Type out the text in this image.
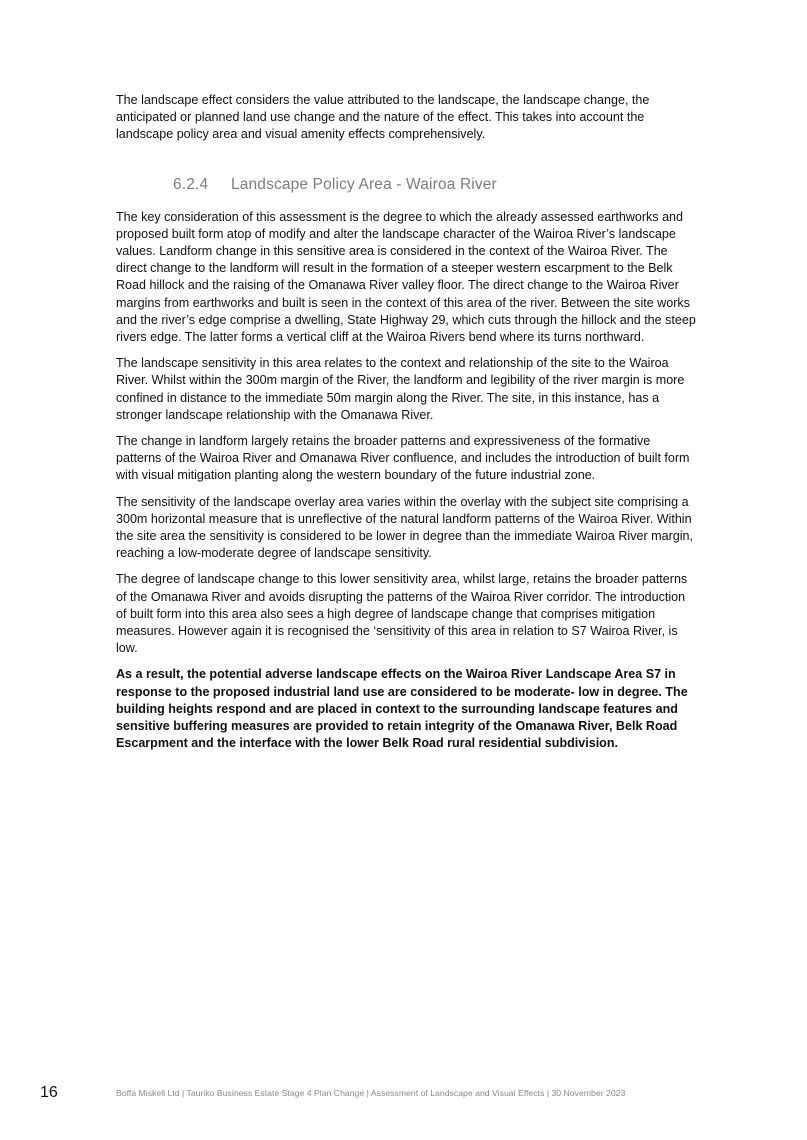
The landscape effect considers the value attributed to the landscape, the landscape change, the anticipated or planned land use change and the nature of the effect. This takes into account the landscape policy area and visual amenity effects comprehensively.

6.2.4 Landscape Policy Area - Wairoa River

The key consideration of this assessment is the degree to which the already assessed earthworks and proposed built form atop of modify and alter the landscape character of the Wairoa River’s landscape values. Landform change in this sensitive area is considered in the context of the Wairoa River. The direct change to the landform will result in the formation of a steeper western escarpment to the Belk Road hillock and the raising of the Omanawa River valley floor. The direct change to the Wairoa River margins from earthworks and built is seen in the context of this area of the river. Between the site works and the river’s edge comprise a dwelling, State Highway 29, which cuts through the hillock and the steep rivers edge. The latter forms a vertical cliff at the Wairoa Rivers bend where its turns northward.

The landscape sensitivity in this area relates to the context and relationship of the site to the Wairoa River. Whilst within the 300m margin of the River, the landform and legibility of the river margin is more confined in distance to the immediate 50m margin along the River. The site, in this instance, has a stronger landscape relationship with the Omanawa River.

The change in landform largely retains the broader patterns and expressiveness of the formative patterns of the Wairoa River and Omanawa River confluence, and includes the introduction of built form with visual mitigation planting along the western boundary of the future industrial zone.

The sensitivity of the landscape overlay area varies within the overlay with the subject site comprising a 300m horizontal measure that is unreflective of the natural landform patterns of the Wairoa River. Within the site area the sensitivity is considered to be lower in degree than the immediate Wairoa River margin, reaching a low-moderate degree of landscape sensitivity.

The degree of landscape change to this lower sensitivity area, whilst large, retains the broader patterns of the Omanawa River and avoids disrupting the patterns of the Wairoa River corridor. The introduction of built form into this area also sees a high degree of landscape change that comprises mitigation measures. However again it is recognised the ‘sensitivity of this area in relation to S7 Wairoa River, is low.

As a result, the potential adverse landscape effects on the Wairoa River Landscape Area S7 in response to the proposed industrial land use are considered to be moderate- low in degree. The building heights respond and are placed in context to the surrounding landscape features and sensitive buffering measures are provided to retain integrity of the Omanawa River, Belk Road Escarpment and the interface with the lower Belk Road rural residential subdivision.

16	Boffa Miskell Ltd | Tauriko Business Estate Stage 4 Plan Change | Assessment of Landscape and Visual Effects | 30 November 2023
